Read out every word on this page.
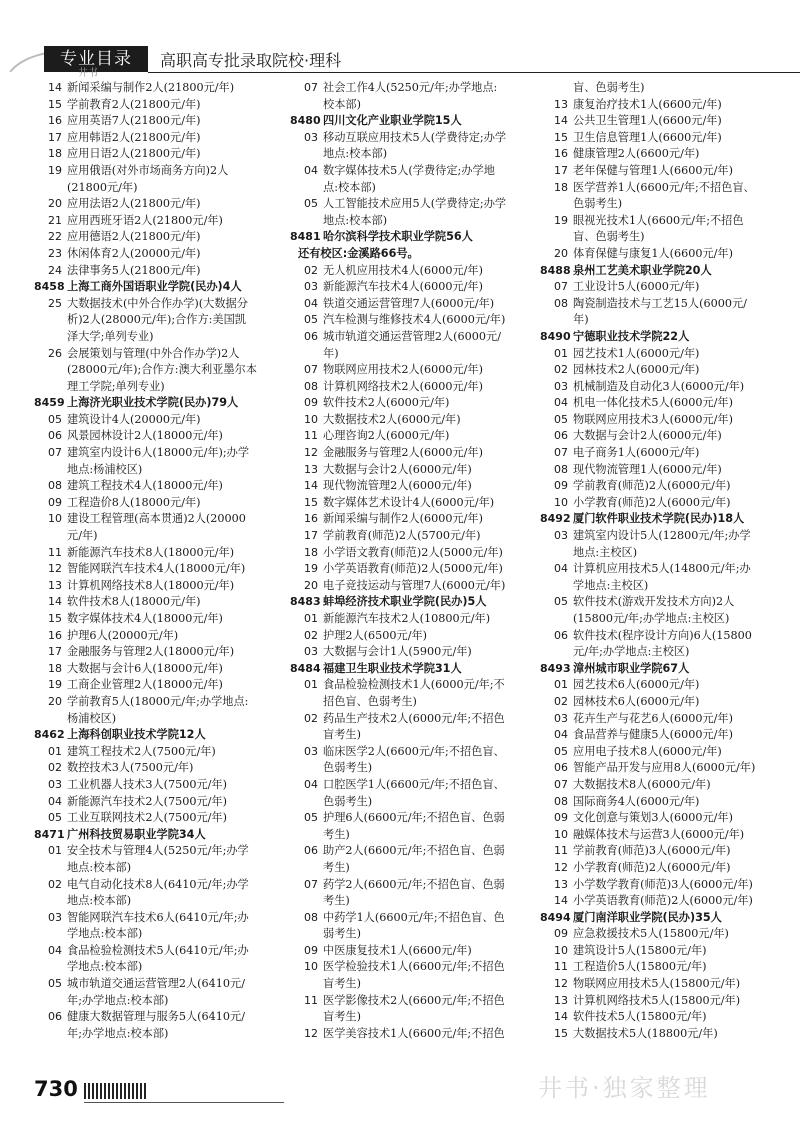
专业目录
井书
高职高专批录取院校·理科
14 新闻采编与制作2人(21800元/年)
15 学前教育2人(21800元/年)
16 应用英语7人(21800元/年)
17 应用韩语2人(21800元/年)
18 应用日语2人(21800元/年)
19 应用俄语(对外市场商务方向)2人
(21800元/年)
20 应用法语2人(21800元/年)
21 应用西班牙语2人(21800元/年)
22 应用德语2人(21800元/年)
23 休闲体育2人(20000元/年)
24 法律事务5人(21800元/年)
8458 上海工商外国语职业学院(民办)4人
25 大数据技术(中外合作办学)(大数据分
析)2人(28000元/年);合作方:美国凯
泽大学;单列专业)
26 会展策划与管理(中外合作办学)2人
(28000元/年);合作方:澳大利亚墨尔本
理工学院;单列专业)
8459 上海济光职业技术学院(民办)79人
05 建筑设计4人(20000元/年)
06 风景园林设计2人(18000元/年)
07 建筑室内设计6人(18000元/年);办学
地点:杨浦校区)
08 建筑工程技术4人(18000元/年)
09 工程造价8人(18000元/年)
10 建设工程管理(高本贯通)2人(20000
元/年)
11 新能源汽车技术8人(18000元/年)
12 智能网联汽车技术4人(18000元/年)
13 计算机网络技术8人(18000元/年)
14 软件技术8人(18000元/年)
15 数字媒体技术4人(18000元/年)
16 护理6人(20000元/年)
17 金融服务与管理2人(18000元/年)
18 大数据与会计6人(18000元/年)
19 工商企业管理2人(18000元/年)
20 学前教育5人(18000元/年;办学地点:
杨浦校区)
8462 上海科创职业技术学院12人
01 建筑工程技术2人(7500元/年)
02 数控技术3人(7500元/年)
03 工业机器人技术3人(7500元/年)
04 新能源汽车技术2人(7500元/年)
05 工业互联网技术2人(7500元/年)
8471 广州科技贸易职业学院34人
01 安全技术与管理4人(5250元/年;办学
地点:校本部)
02 电气自动化技术8人(6410元/年;办学
地点:校本部)
03 智能网联汽车技术6人(6410元/年;办
学地点:校本部)
04 食品检验检测技术5人(6410元/年;办
学地点:校本部)
05 城市轨道交通运营管理2人(6410元/
年;办学地点:校本部)
06 健康大数据管理与服务5人(6410元/
年;办学地点:校本部)
07 社会工作4人(5250元/年;办学地点:
校本部)
8480 四川文化产业职业学院15人
03 移动互联应用技术5人(学费待定;办学
地点:校本部)
04 数字媒体技术5人(学费待定;办学地
点:校本部)
05 人工智能技术应用5人(学费待定;办学
地点:校本部)
8481 哈尔滨科学技术职业学院56人
还有校区:金溪路66号。
02 无人机应用技术4人(6000元/年)
03 新能源汽车技术4人(6000元/年)
04 铁道交通运营管理7人(6000元/年)
05 汽车检测与维修技术4人(6000元/年)
06 城市轨道交通运营管理2人(6000元/
年)
07 物联网应用技术2人(6000元/年)
08 计算机网络技术2人(6000元/年)
09 软件技术2人(6000元/年)
10 大数据技术2人(6000元/年)
11 心理咨询2人(6000元/年)
12 金融服务与管理2人(6000元/年)
13 大数据与会计2人(6000元/年)
14 现代物流管理2人(6000元/年)
15 数字媒体艺术设计4人(6000元/年)
16 新闻采编与制作2人(6000元/年)
17 学前教育(师范)2人(5700元/年)
18 小学语文教育(师范)2人(5000元/年)
19 小学英语教育(师范)2人(5000元/年)
20 电子竞技运动与管理7人(6000元/年)
8483 蚌埠经济技术职业学院(民办)5人
01 新能源汽车技术2人(10800元/年)
02 护理2人(6500元/年)
03 大数据与会计1人(5900元/年)
8484 福建卫生职业技术学院31人
01 食品检验检测技术1人(6000元/年;不
招色盲、色弱考生)
02 药品生产技术2人(6000元/年;不招色
盲考生)
03 临床医学2人(6600元/年;不招色盲、
色弱考生)
04 口腔医学1人(6600元/年;不招色盲、
色弱考生)
05 护理6人(6600元/年;不招色盲、色弱
考生)
06 助产2人(6600元/年;不招色盲、色弱
考生)
07 药学2人(6600元/年;不招色盲、色弱
考生)
08 中药学1人(6600元/年;不招色盲、色
弱考生)
09 中医康复技术1人(6600元/年)
10 医学检验技术1人(6600元/年;不招色
盲考生)
11 医学影像技术2人(6600元/年;不招色
盲考生)
12 医学美容技术1人(6600元/年;不招色
盲、色弱考生)
13 康复治疗技术1人(6600元/年)
14 公共卫生管理1人(6600元/年)
15 卫生信息管理1人(6600元/年)
16 健康管理2人(6600元/年)
17 老年保健与管理1人(6600元/年)
18 医学营养1人(6600元/年;不招色盲、
色弱考生)
19 眼视光技术1人(6600元/年;不招色
盲、色弱考生)
20 体育保健与康复1人(6600元/年)
8488 泉州工艺美术职业学院20人
07 工业设计5人(6000元/年)
08 陶瓷制造技术与工艺15人(6000元/
年)
8490 宁德职业技术学院22人
01 园艺技术1人(6000元/年)
02 园林技术2人(6000元/年)
03 机械制造及自动化3人(6000元/年)
04 机电一体化技术5人(6000元/年)
05 物联网应用技术3人(6000元/年)
06 大数据与会计2人(6000元/年)
07 电子商务1人(6000元/年)
08 现代物流管理1人(6000元/年)
09 学前教育(师范)2人(6000元/年)
10 小学教育(师范)2人(6000元/年)
8492 厦门软件职业技术学院(民办)18人
03 建筑室内设计5人(12800元/年;办学
地点:主校区)
04 计算机应用技术5人(14800元/年;办
学地点:主校区)
05 软件技术(游戏开发技术方向)2人
(15800元/年;办学地点:主校区)
06 软件技术(程序设计方向)6人(15800
元/年;办学地点:主校区)
8493 漳州城市职业学院67人
01 园艺技术6人(6000元/年)
02 园林技术6人(6000元/年)
03 花卉生产与花艺6人(6000元/年)
04 食品营养与健康5人(6000元/年)
05 应用电子技术8人(6000元/年)
06 智能产品开发与应用8人(6000元/年)
07 大数据技术8人(6000元/年)
08 国际商务4人(6000元/年)
09 文化创意与策划3人(6000元/年)
10 融媒体技术与运营3人(6000元/年)
11 学前教育(师范)3人(6000元/年)
12 小学教育(师范)2人(6000元/年)
13 小学数学教育(师范)3人(6000元/年)
14 小学英语教育(师范)2人(6000元/年)
8494 厦门南洋职业学院(民办)35人
09 应急救援技术5人(15800元/年)
10 建筑设计5人(15800元/年)
11 工程造价5人(15800元/年)
12 物联网应用技术5人(15800元/年)
13 计算机网络技术5人(15800元/年)
14 软件技术5人(15800元/年)
15 大数据技术5人(18800元/年)
730	井书·独家整理
